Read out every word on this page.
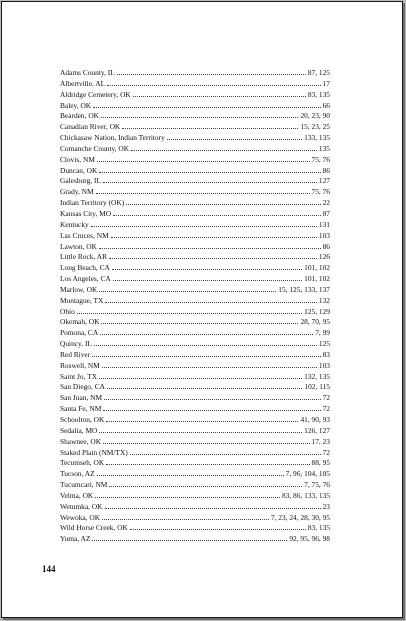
Adams County, IL	87, 125
Albertville, AL	17
Aldridge Cemetery, OK	83, 135
Baley, OK	66
Bearden, OK	20, 23, 90
Canadian River, OK	15, 23, 25
Chickasaw Nation, Indian Territory	133, 135
Comanche County, OK	135
Clovis, NM	75, 76
Duncan, OK	86
Galesburg, IL	127
Grady, NM	75, 76
Indian Territory (OK)	22
Kansas City, MO	87
Kentucky	131
Las Cruces, NM	103
Lawton, OK	86
Little Rock, AR	126
Long Beach, CA	101, 102
Los Angeles, CA	101, 102
Marlow, OK	15, 125, 133, 137
Montague, TX	132
Ohio	125, 129
Okemah, OK	28, 70, 95
Pomona, CA	7, 99
Quincy, IL	125
Red River	83
Roswell, NM	103
Saint Jo, TX	132, 135
San Diego, CA	102, 115
San Juan, NM	72
Santa Fe, NM	72
Schoolton, OK	41, 90, 93
Sedalia, MO	126, 127
Shawnee, OK	17, 23
Staked Plain (NM/TX)	72
Tecumseh, OK	88, 95
Tucson, AZ	7, 96, 104, 105
Tucumcari, NM	7, 75, 76
Velma, OK	83, 86, 133, 135
Wetumka, OK	23
Wewoka, OK	7, 23, 24, 28, 30, 95
Wild Horse Creek, OK	83, 135
Yuma, AZ	92, 95, 96, 98
144
